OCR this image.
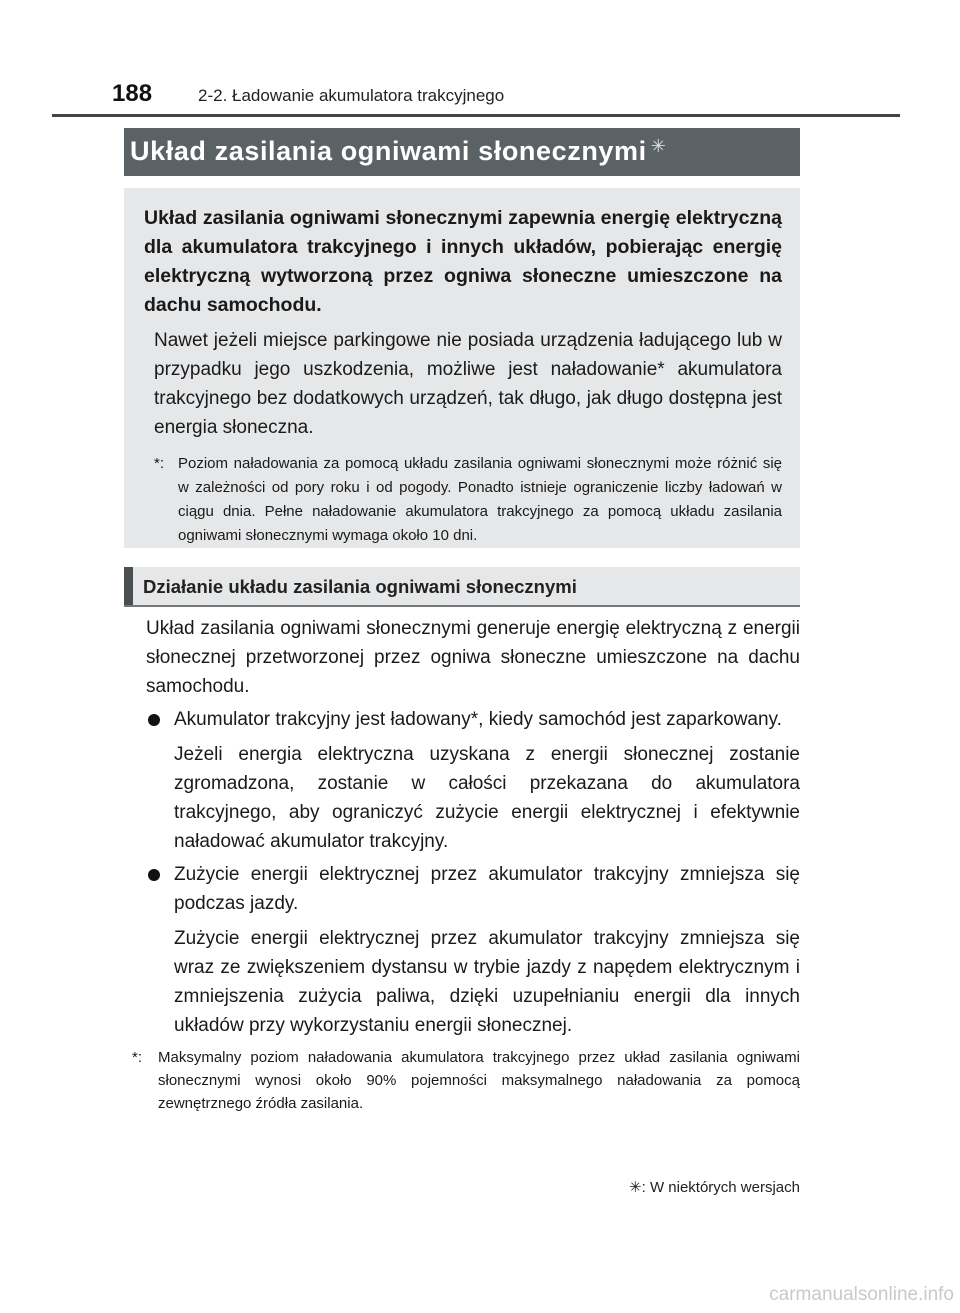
188	2-2. Ładowanie akumulatora trakcyjnego
Układ zasilania ogniwami słonecznymi ✳

Układ zasilania ogniwami słonecznymi zapewnia energię elektryczną dla akumulatora trakcyjnego i innych układów, pobierając energię elektryczną wytworzoną przez ogniwa słoneczne umieszczone na dachu samochodu.

Nawet jeżeli miejsce parkingowe nie posiada urządzenia ładującego lub w przypadku jego uszkodzenia, możliwe jest naładowanie* akumulatora trakcyjnego bez dodatkowych urządzeń, tak długo, jak długo dostępna jest energia słoneczna.

*: Poziom naładowania za pomocą układu zasilania ogniwami słonecznymi może różnić się w zależności od pory roku i od pogody. Ponadto istnieje ograniczenie liczby ładowań w ciągu dnia. Pełne naładowanie akumulatora trakcyjnego za pomocą układu zasilania ogniwami słonecznymi wymaga około 10 dni.
Działanie układu zasilania ogniwami słonecznymi

Układ zasilania ogniwami słonecznymi generuje energię elektryczną z energii słonecznej przetworzonej przez ogniwa słoneczne umieszczone na dachu samochodu.

Akumulator trakcyjny jest ładowany*, kiedy samochód jest zaparkowany.

Jeżeli energia elektryczna uzyskana z energii słonecznej zostanie zgromadzona, zostanie w całości przekazana do akumulatora trakcyjnego, aby ograniczyć zużycie energii elektrycznej i efektywnie naładować akumulator trakcyjny.

Zużycie energii elektrycznej przez akumulator trakcyjny zmniejsza się podczas jazdy.

Zużycie energii elektrycznej przez akumulator trakcyjny zmniejsza się wraz ze zwiększeniem dystansu w trybie jazdy z napędem elektrycznym i zmniejszenia zużycia paliwa, dzięki uzupełnianiu energii dla innych układów przy wykorzystaniu energii słonecznej.

*:	Maksymalny poziom naładowania akumulatora trakcyjnego przez układ zasilania ogniwami słonecznymi wynosi około 90% pojemności maksymalnego naładowania za pomocą zewnętrznego źródła zasilania.
✳: W niektórych wersjach
carmanualsonline.info
